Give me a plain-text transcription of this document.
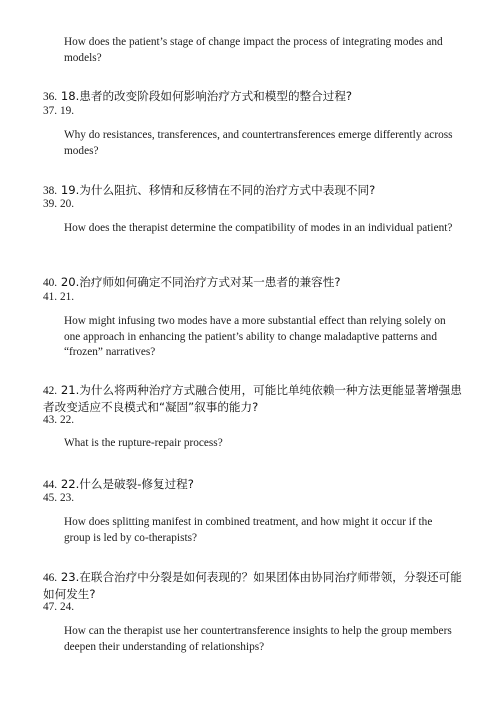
How does the patient’s stage of change impact the process of integrating modes and models?
36. 18.患者的改变阶段如何影响治疗方式和模型的整合过程?
37. 19.
Why do resistances, transferences, and countertransferences emerge differently across modes?
38. 19.为什么阻抗、移情和反移情在不同的治疗方式中表现不同?
39. 20.
How does the therapist determine the compatibility of modes in an individual patient?
40. 20.治疗师如何确定不同治疗方式对某一患者的兼容性?
41. 21.
How might infusing two modes have a more substantial effect than relying solely on one approach in enhancing the patient’s ability to change maladaptive patterns and “frozen” narratives?
42. 21.为什么将两种治疗方式融合使用，可能比单纯依赖一种方法更能显著增强患者改变适应不良模式和“凝固”叙事的能力?
43. 22.
What is the rupture-repair process?
44. 22.什么是破裂-修复过程?
45. 23.
How does splitting manifest in combined treatment, and how might it occur if the group is led by co-therapists?
46. 23.在联合治疗中分裂是如何表现的？如果团体由协同治疗师带领，分裂还可能如何发生?
47. 24.
How can the therapist use her countertransference insights to help the group members deepen their understanding of relationships?
